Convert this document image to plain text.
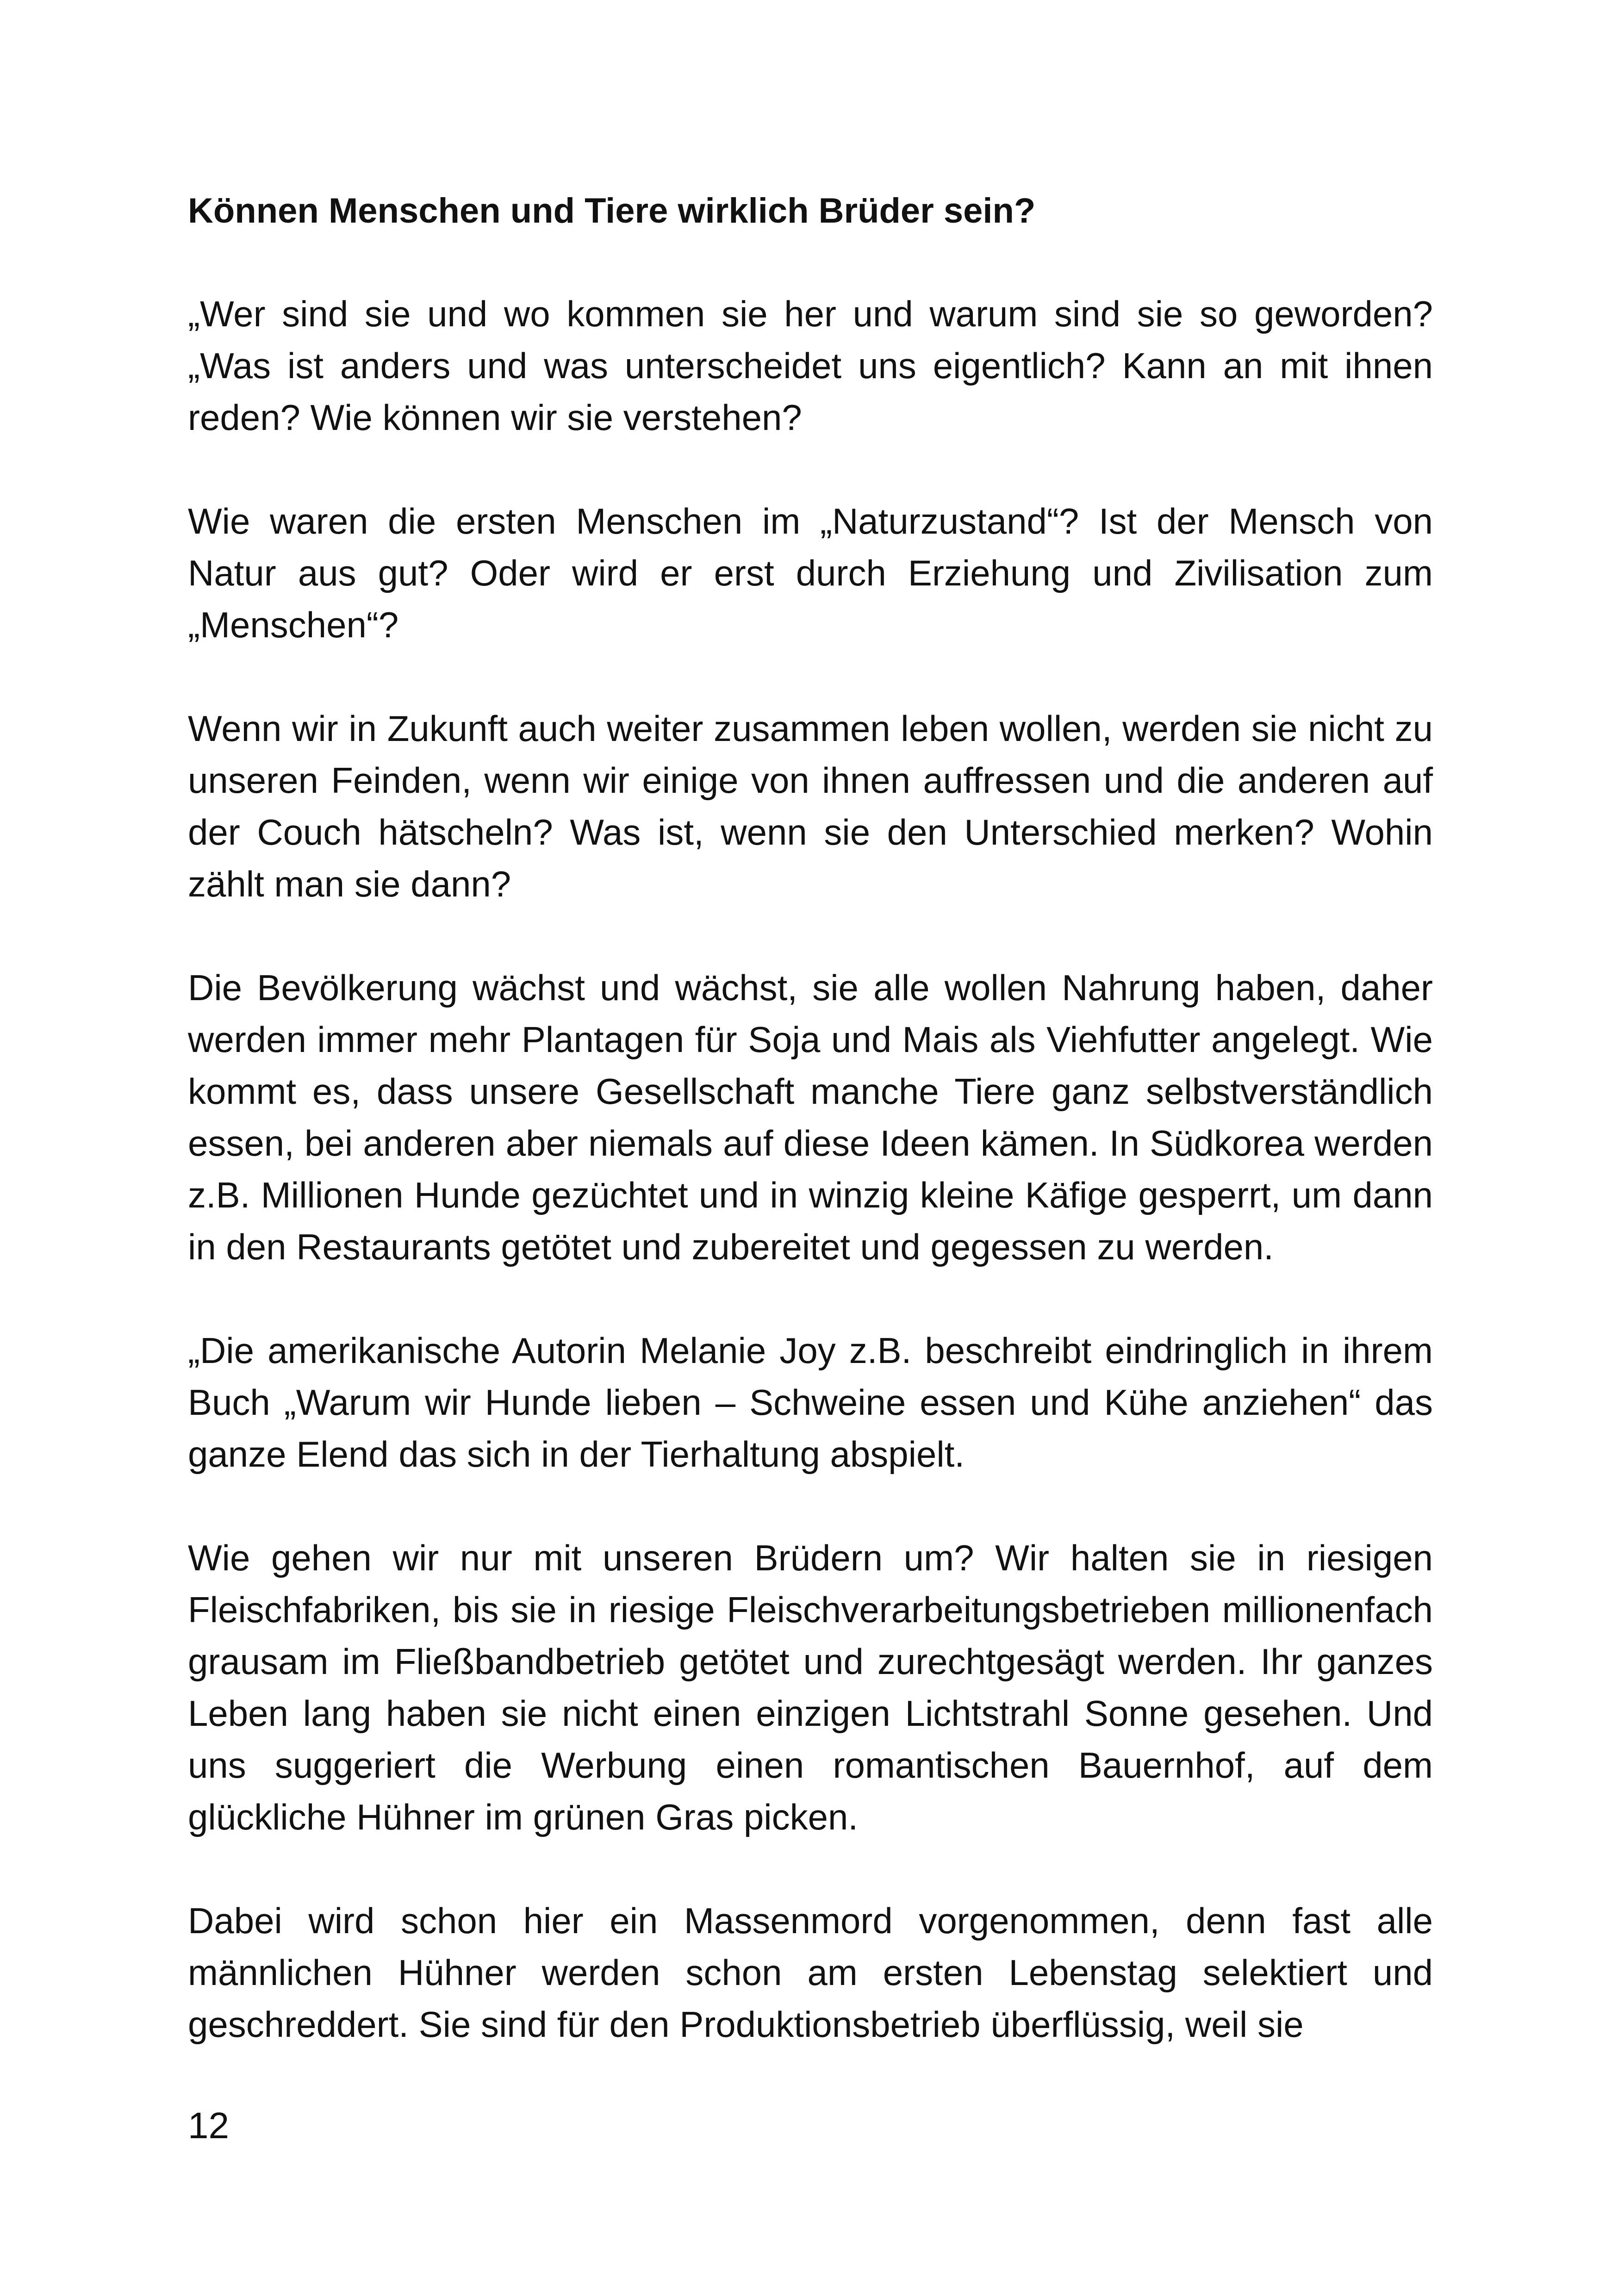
Können Menschen und Tiere wirklich Brüder sein?

„Wer sind sie und wo kommen sie her und warum sind sie so geworden? „Was ist anders und was unterscheidet uns eigentlich? Kann an mit ihnen reden? Wie können wir sie verstehen?

Wie waren die ersten Menschen im „Naturzustand“? Ist der Mensch von Natur aus gut? Oder wird er erst durch Erziehung und Zivilisation zum „Menschen“?

Wenn wir in Zukunft auch weiter zusammen leben wollen, werden sie nicht zu unseren Feinden, wenn wir einige von ihnen auffressen und die anderen auf der Couch hätscheln? Was ist, wenn sie den Unterschied merken? Wohin zählt man sie dann?

Die Bevölkerung wächst und wächst, sie alle wollen Nahrung haben, daher werden immer mehr Plantagen für Soja und Mais als Viehfutter angelegt. Wie kommt es, dass unsere Gesellschaft manche Tiere ganz selbstverständlich essen, bei anderen aber niemals auf diese Ideen kämen. In Südkorea werden z.B. Millionen Hunde gezüchtet und in winzig kleine Käfige gesperrt, um dann in den Restaurants getötet und zubereitet und gegessen zu werden.

„Die amerikanische Autorin Melanie Joy z.B. beschreibt eindringlich in ihrem Buch „Warum wir Hunde lieben – Schweine essen und Kühe anziehen“ das ganze Elend das sich in der Tierhaltung abspielt.

Wie gehen wir nur mit unseren Brüdern um? Wir halten sie in riesigen Fleischfabriken, bis sie in riesige Fleischverarbeitungsbetrieben millionenfach grausam im Fließbandbetrieb getötet und zurechtgesägt werden. Ihr ganzes Leben lang haben sie nicht einen einzigen Lichtstrahl Sonne gesehen. Und uns suggeriert die Werbung einen romantischen Bauernhof, auf dem glückliche Hühner im grünen Gras picken.

Dabei wird schon hier ein Massenmord vorgenommen, denn fast alle männlichen Hühner werden schon am ersten Lebenstag selektiert und geschreddert. Sie sind für den Produktionsbetrieb überflüssig, weil sie

12
